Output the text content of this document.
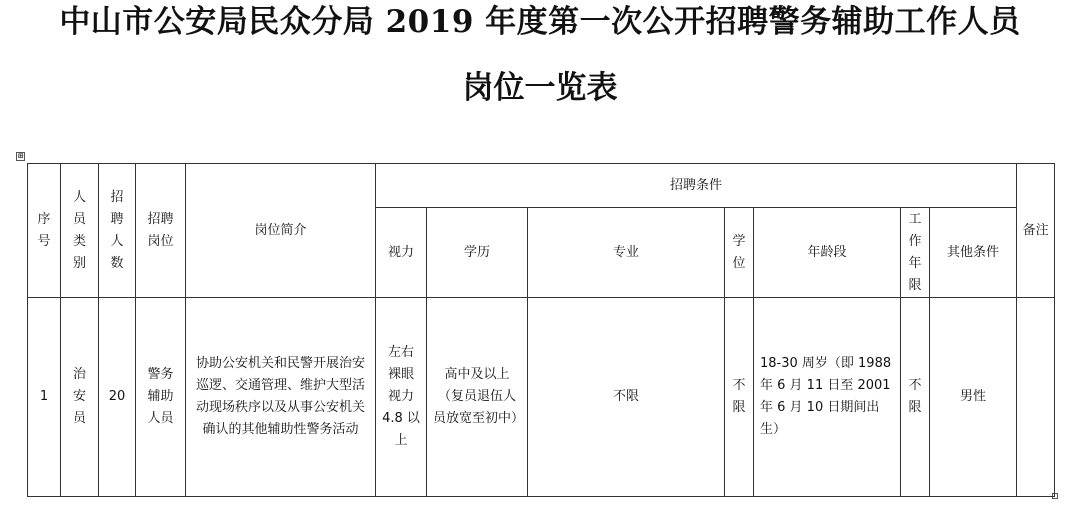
中山市公安局民众分局 2019 年度第一次公开招聘警务辅助工作人员
岗位一览表
⊞
序号	人员类别	招聘人数	招聘岗位	岗位简介	招聘条件							备注
					视力	学历	专业	学位	年龄段	工作年限	其他条件	
1	治安员	20	警务辅助人员	协助公安机关和民警开展治安巡逻、交通管理、维护大型活动现场秩序以及从事公安机关确认的其他辅助性警务活动	左右裸眼视力 4.8 以上	高中及以上（复员退伍人员放宽至初中）	不限	不限	18-30 周岁（即 1988 年 6 月 11 日至 2001 年 6 月 10 日期间出生）	不限	男性	
